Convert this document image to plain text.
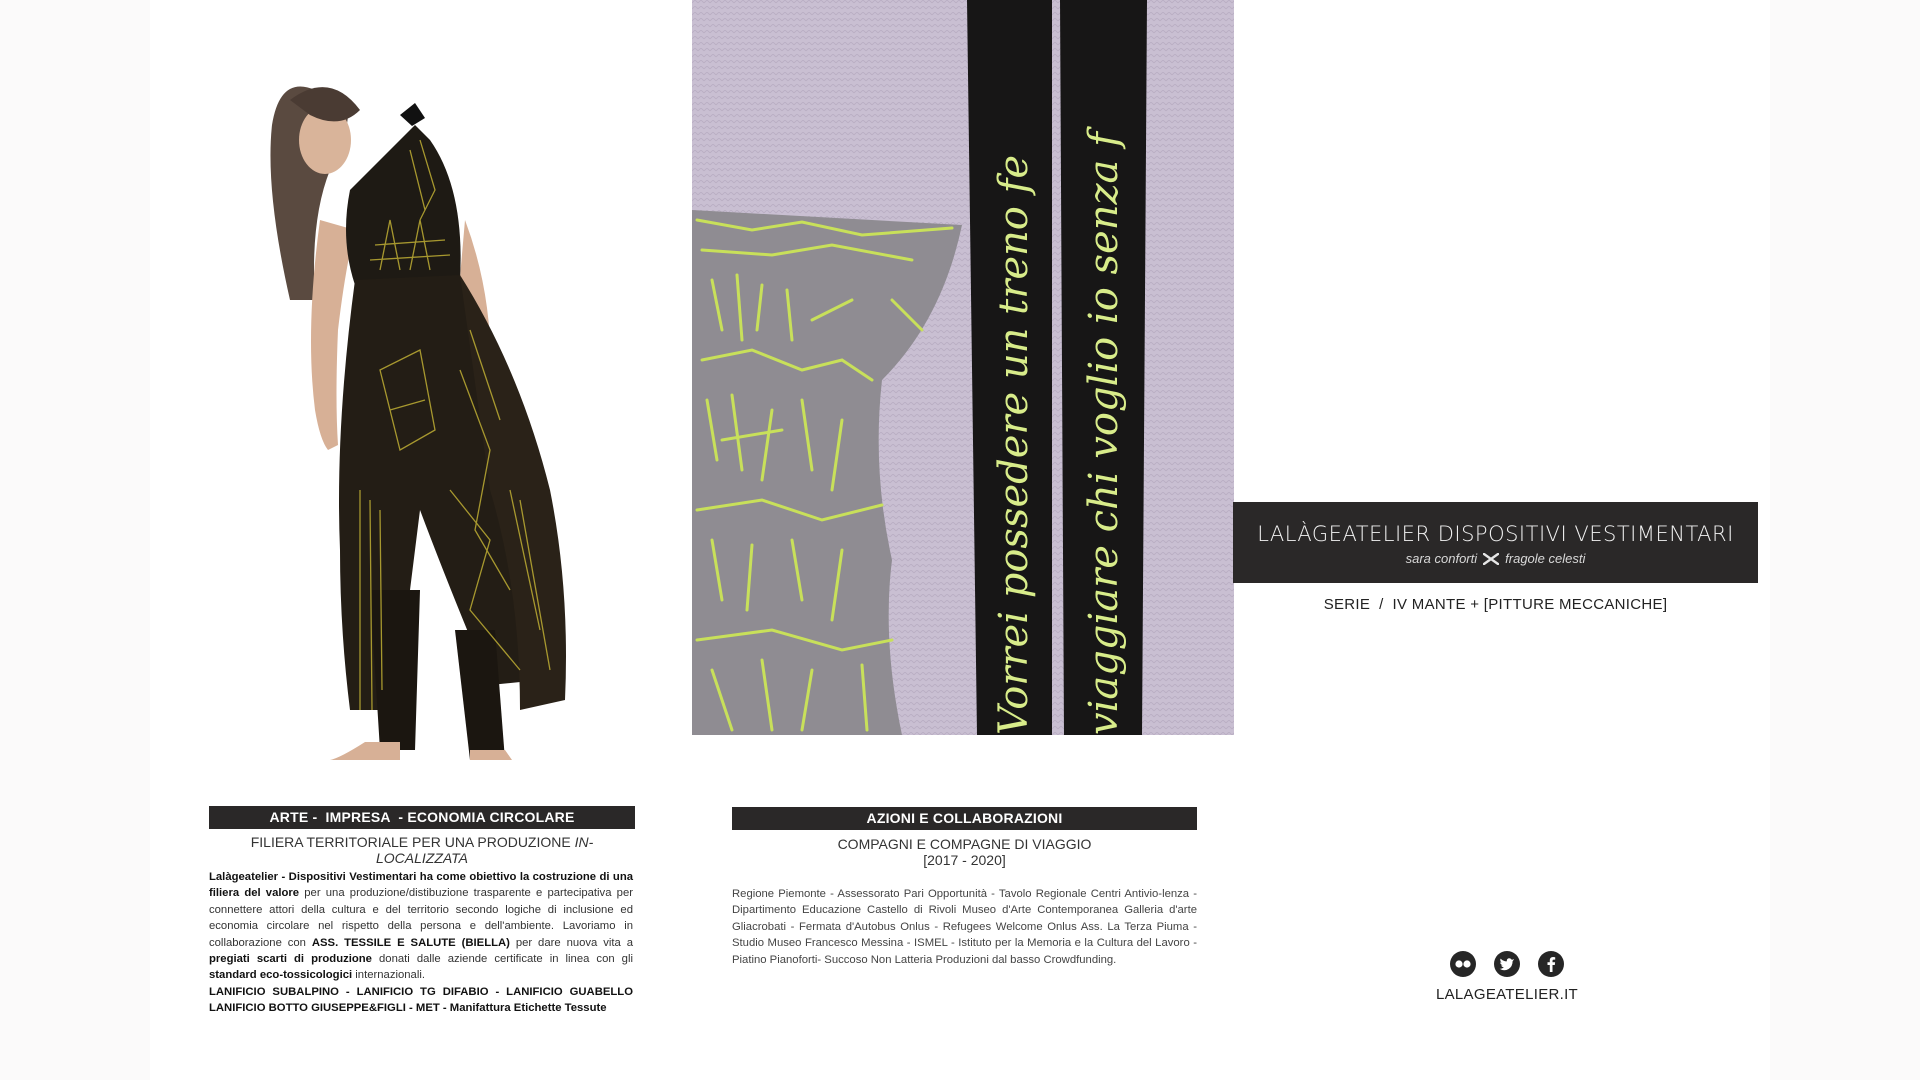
Vorrei possedere un treno fe viaggiare chi voglio io senza f	LALÀGEATELIER DISPOSITIVI VESTIMENTARI
sara conforti fragole celesti
SERIE  /  IV MANTE + [PITTURE MECCANICHE]
ARTE -  IMPRESA  - ECONOMIA CIRCOLARE
FILIERA TERRITORIALE PER UNA PRODUZIONE IN-LOCALIZZATA
Lalàgeatelier - Dispositivi Vestimentari ha come obiettivo la costruzione di una filiera del valore per una produzione/distibuzione trasparente e partecipativa per connettere attori della cultura e del territorio secondo logiche di inclusione ed economia circolare nel rispetto della persona e dell'ambiente. Lavoriamo in collaborazione con ASS. TESSILE E SALUTE (BIELLA) per dare nuova vita a pregiati scarti di produzione donati dalle aziende certificate in linea con gli standard eco-tossicologici internazionali.
LANIFICIO SUBALPINO - LANIFICIO TG DIFABIO - LANIFICIO GUABELLO LANIFICIO BOTTO GIUSEPPE&FIGLI - MET - Manifattura Etichette Tessute
AZIONI E COLLABORAZIONI
COMPAGNI E COMPAGNE DI VIAGGIO
[2017 - 2020]
Regione Piemonte - Assessorato Pari Opportunità - Tavolo Regionale Centri Antivio-lenza - Dipartimento Educazione Castello di Rivoli Museo d'Arte Contemporanea Galleria d'arte Gliacrobati - Fermata d'Autobus Onlus - Refugees Welcome Onlus Ass. La Terza Piuma - Studio Museo Francesco Messina - ISMEL - Istituto per la Memoria e la Cultura del Lavoro - Piatino Pianoforti- Succoso Non Latteria Produzioni dal basso Crowdfunding.
LALAGEATELIER.IT
